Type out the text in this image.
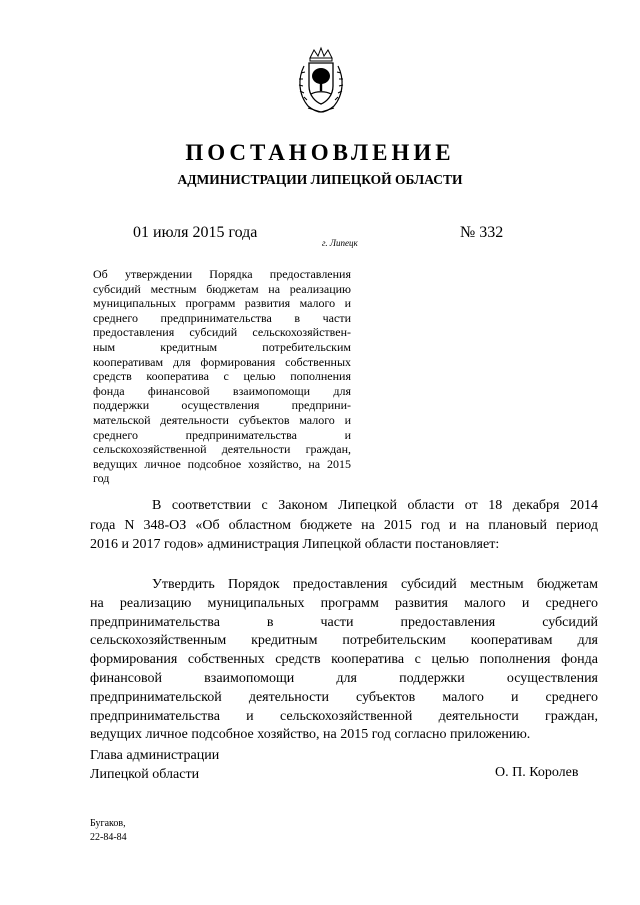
ПОСТАНОВЛЕНИЕ
АДМИНИСТРАЦИИ ЛИПЕЦКОЙ ОБЛАСТИ
01 июля 2015 года
г. Липецк
№ 332
Об утверждении Порядка предоставления
субсидий местным бюджетам на реализацию
муниципальных программ развития малого и
среднего предпринимательства в части
предоставления субсидий сельскохозяйствен-
ным кредитным потребительским
кооперативам для формирования собственных
средств кооператива с целью пополнения
фонда финансовой взаимопомощи для
поддержки осуществления предприни-
мательской деятельности субъектов малого и
среднего предпринимательства и
сельскохозяйственной деятельности граждан,
ведущих личное подсобное хозяйство, на 2015
год
В соответствии с Законом Липецкой области от 18 декабря 2014
года N 348-ОЗ «Об областном бюджете на 2015 год и на плановый период
2016 и 2017 годов» администрация Липецкой области постановляет:
Утвердить Порядок предоставления субсидий местным бюджетам
на реализацию муниципальных программ развития малого и среднего
предпринимательства в части предоставления субсидий
сельскохозяйственным кредитным потребительским кооперативам для
формирования собственных средств кооператива с целью пополнения фонда
финансовой взаимопомощи для поддержки осуществления
предпринимательской деятельности субъектов малого и среднего
предпринимательства и сельскохозяйственной деятельности граждан,
ведущих личное подсобное хозяйство, на 2015 год согласно приложению.
Глава администрации
Липецкой области	О. П. Королев
Бугаков,
22-84-84
